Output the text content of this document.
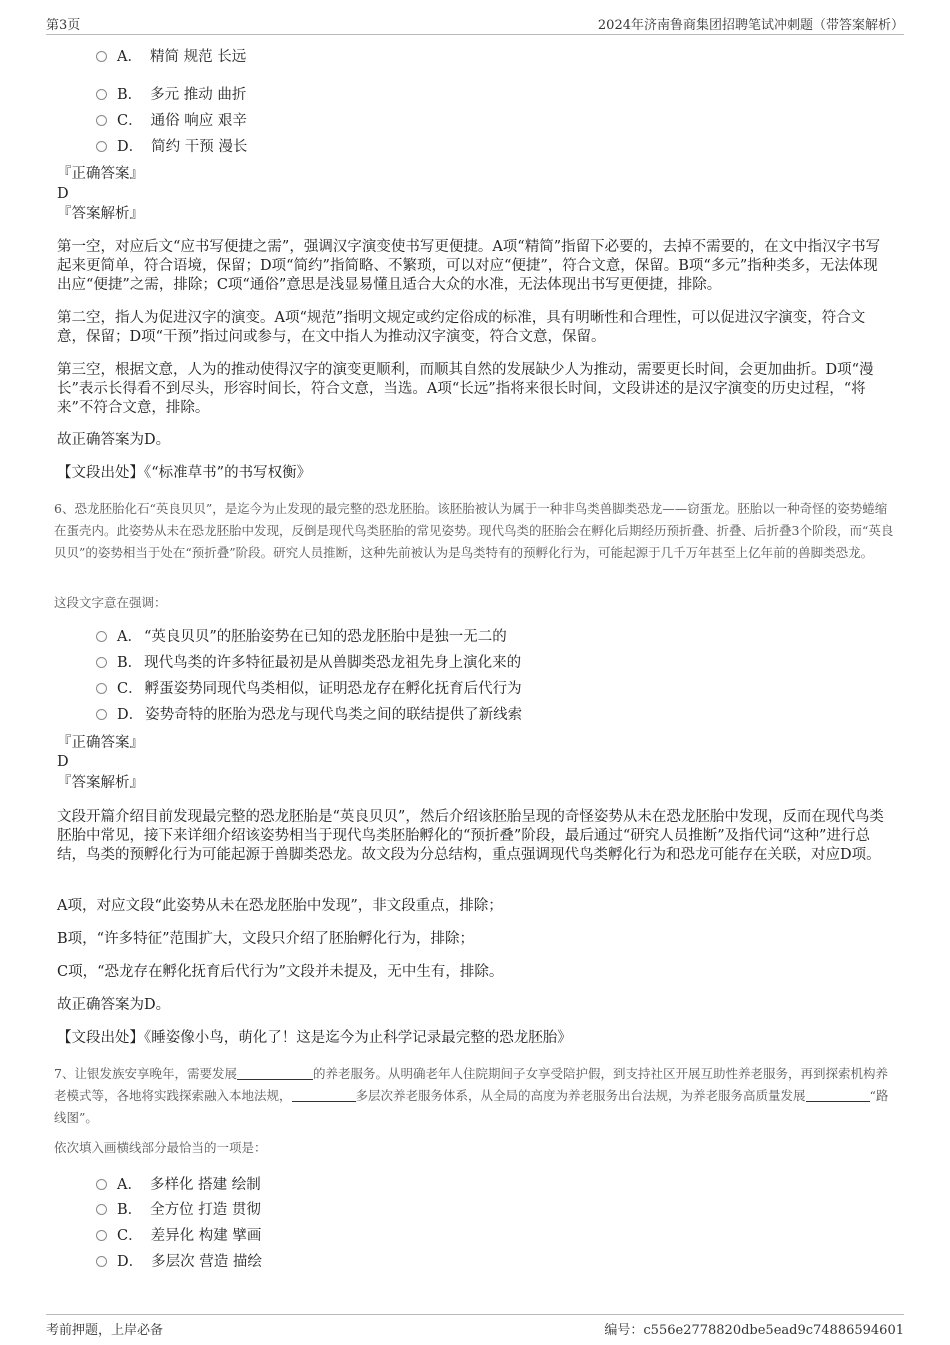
第3页	2024年济南鲁商集团招聘笔试冲刺题（带答案解析）
A． 精简 规范 长远
B． 多元 推动 曲折
C． 通俗 响应 艰辛
D． 简约 干预 漫长
『正确答案』
D
『答案解析』

第一空，对应后文“应书写便捷之需”，强调汉字演变使书写更便捷。A项“精简”指留下必要的，去掉不需要的，在文中指汉字书写起来更简单，符合语境，保留；D项“简约”指简略、不繁琐，可以对应“便捷”，符合文意，保留。B项“多元”指种类多，无法体现出应“便捷”之需，排除；C项“通俗”意思是浅显易懂且适合大众的水准，无法体现出书写更便捷，排除。

第二空，指人为促进汉字的演变。A项“规范”指明文规定或约定俗成的标准，具有明晰性和合理性，可以促进汉字演变，符合文意，保留；D项“干预”指过问或参与，在文中指人为推动汉字演变，符合文意，保留。

第三空，根据文意，人为的推动使得汉字的演变更顺利，而顺其自然的发展缺少人为推动，需要更长时间，会更加曲折。D项“漫长”表示长得看不到尽头，形容时间长，符合文意，当选。A项“长远”指将来很长时间，文段讲述的是汉字演变的历史过程，“将来”不符合文意，排除。

故正确答案为D。

【文段出处】《“标准草书”的书写权衡》

6、恐龙胚胎化石“英良贝贝”，是迄今为止发现的最完整的恐龙胚胎。该胚胎被认为属于一种非鸟类兽脚类恐龙——窃蛋龙。胚胎以一种奇怪的姿势蜷缩在蛋壳内。此姿势从未在恐龙胚胎中发现，反倒是现代鸟类胚胎的常见姿势。现代鸟类的胚胎会在孵化后期经历预折叠、折叠、后折叠3个阶段，而“英良贝贝”的姿势相当于处在“预折叠”阶段。研究人员推断，这种先前被认为是鸟类特有的预孵化行为，可能起源于几千万年甚至上亿年前的兽脚类恐龙。

这段文字意在强调：

A． “英良贝贝”的胚胎姿势在已知的恐龙胚胎中是独一无二的
B． 现代鸟类的许多特征最初是从兽脚类恐龙祖先身上演化来的
C． 孵蛋姿势同现代鸟类相似，证明恐龙存在孵化抚育后代行为
D． 姿势奇特的胚胎为恐龙与现代鸟类之间的联结提供了新线索
『正确答案』
D
『答案解析』

文段开篇介绍目前发现最完整的恐龙胚胎是“英良贝贝”，然后介绍该胚胎呈现的奇怪姿势从未在恐龙胚胎中发现，反而在现代鸟类胚胎中常见，接下来详细介绍该姿势相当于现代鸟类胚胎孵化的“预折叠”阶段，最后通过“研究人员推断”及指代词“这种”进行总结，鸟类的预孵化行为可能起源于兽脚类恐龙。故文段为分总结构，重点强调现代鸟类孵化行为和恐龙可能存在关联，对应D项。

A项，对应文段“此姿势从未在恐龙胚胎中发现”，非文段重点，排除；

B项，“许多特征”范围扩大，文段只介绍了胚胎孵化行为，排除；

C项，“恐龙存在孵化抚育后代行为”文段并未提及，无中生有，排除。

故正确答案为D。

【文段出处】《睡姿像小鸟，萌化了！这是迄今为止科学记录最完整的恐龙胚胎》

7、让银发族安享晚年，需要发展	的养老服务。从明确老年人住院期间子女享受陪护假，到支持社区开展互助性养老服务，再到探索机构养老模式等，各地将实践探索融入本地法规，	多层次养老服务体系，从全局的高度为养老服务出台法规，为养老服务高质量发展	“路线图”。

依次填入画横线部分最恰当的一项是：

A． 多样化 搭建 绘制
B． 全方位 打造 贯彻
C． 差异化 构建 擘画
D． 多层次 营造 描绘
考前押题，上岸必备	编号：c556e2778820dbe5ead9c74886594601
